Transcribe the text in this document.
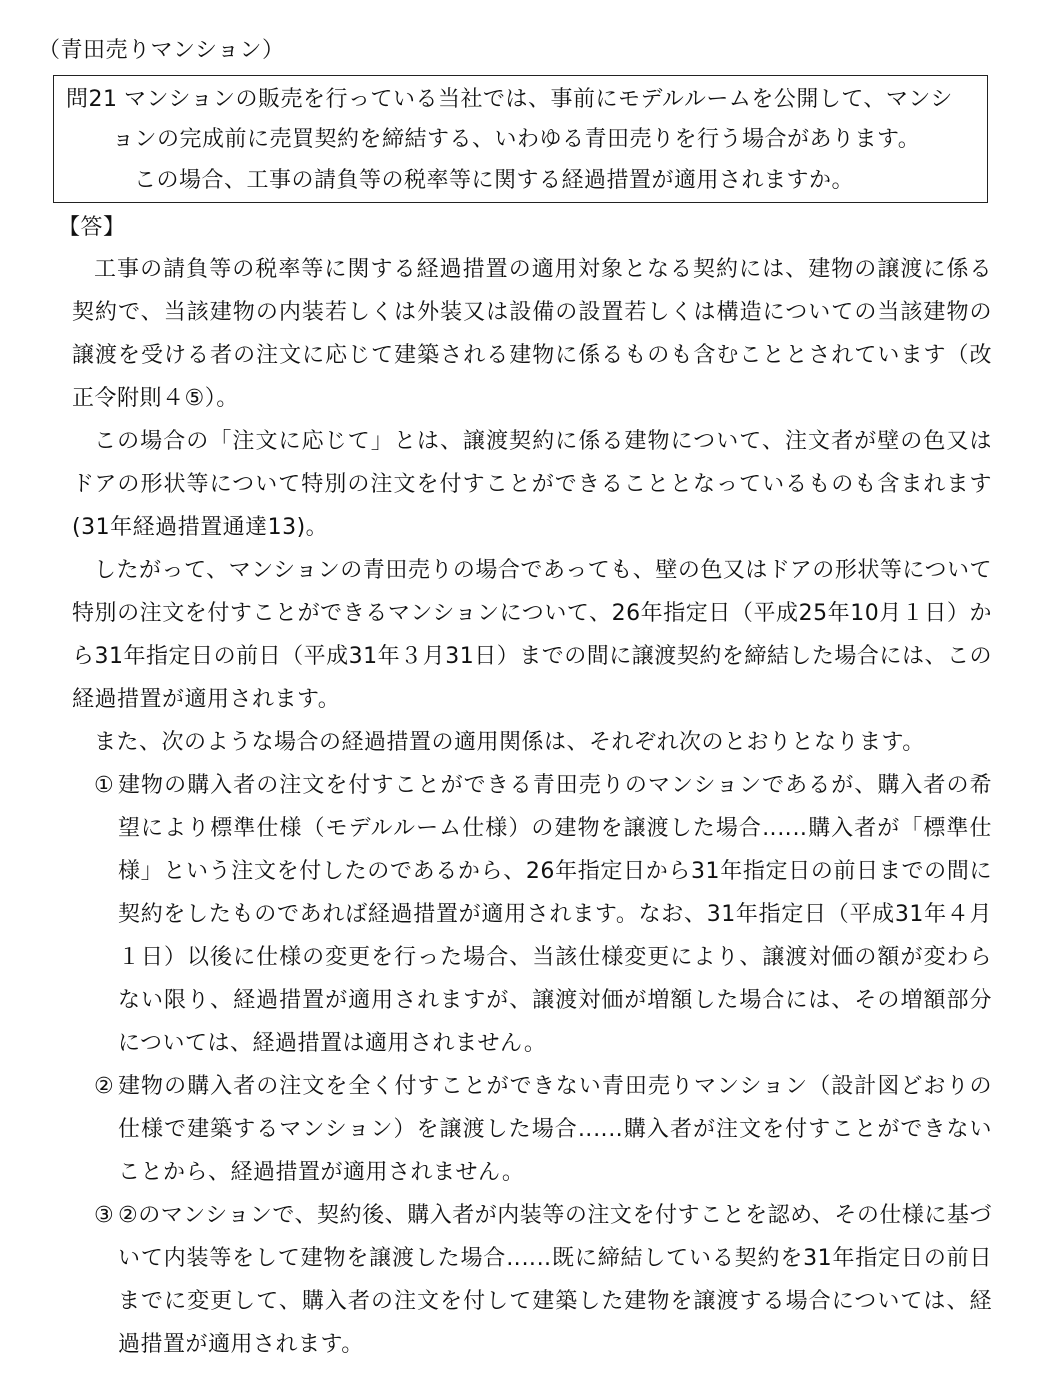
（青田売りマンション）

問21 マンションの販売を行っている当社では、事前にモデルルームを公開して、マンシ

ョンの完成前に売買契約を締結する、いわゆる青田売りを行う場合があります。

この場合、工事の請負等の税率等に関する経過措置が適用されますか。

【答】

工事の請負等の税率等に関する経過措置の適用対象となる契約には、建物の譲渡に係る契約で、当該建物の内装若しくは外装又は設備の設置若しくは構造についての当該建物の譲渡を受ける者の注文に応じて建築される建物に係るものも含むこととされています（改正令附則４⑤）。

この場合の「注文に応じて」とは、譲渡契約に係る建物について、注文者が壁の色又はドアの形状等について特別の注文を付すことができることとなっているものも含まれます(31年経過措置通達13)。

したがって、マンションの青田売りの場合であっても、壁の色又はドアの形状等について特別の注文を付すことができるマンションについて、26年指定日（平成25年10月１日）から31年指定日の前日（平成31年３月31日）までの間に譲渡契約を締結した場合には、この経過措置が適用されます。

また、次のような場合の経過措置の適用関係は、それぞれ次のとおりとなります。

① 建物の購入者の注文を付すことができる青田売りのマンションであるが、購入者の希望により標準仕様（モデルルーム仕様）の建物を譲渡した場合‥‥‥購入者が「標準仕様」という注文を付したのであるから、26年指定日から31年指定日の前日までの間に契約をしたものであれば経過措置が適用されます。なお、31年指定日（平成31年４月１日）以後に仕様の変更を行った場合、当該仕様変更により、譲渡対価の額が変わらない限り、経過措置が適用されますが、譲渡対価が増額した場合には、その増額部分については、経過措置は適用されません。
② 建物の購入者の注文を全く付すことができない青田売りマンション（設計図どおりの仕様で建築するマンション）を譲渡した場合‥‥‥購入者が注文を付すことができないことから、経過措置が適用されません。
③ ②のマンションで、契約後、購入者が内装等の注文を付すことを認め、その仕様に基づいて内装等をして建物を譲渡した場合‥‥‥既に締結している契約を31年指定日の前日までに変更して、購入者の注文を付して建築した建物を譲渡する場合については、経過措置が適用されます。
